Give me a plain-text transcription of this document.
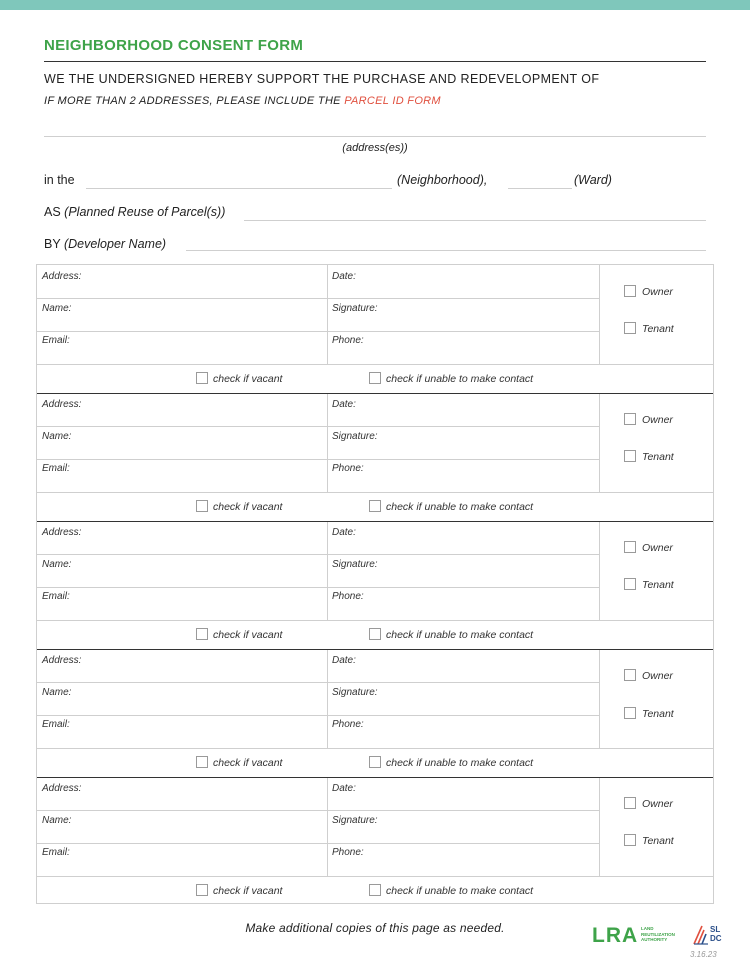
NEIGHBORHOOD CONSENT FORM
WE THE UNDERSIGNED HEREBY SUPPORT THE PURCHASE AND REDEVELOPMENT OF
IF MORE THAN 2 ADDRESSES, PLEASE INCLUDE THE PARCEL ID FORM
(address(es))
in the	(Neighborhood),	(Ward)
AS (Planned Reuse of Parcel(s))
BY (Developer Name)
Address:	Date:
Name:	Signature:
Email:	Phone:
Owner
Tenant
check if vacant	check if unable to make contact
Address:	Date:
Name:	Signature:
Email:	Phone:
Owner
Tenant
check if vacant	check if unable to make contact
Address:	Date:
Name:	Signature:
Email:	Phone:
Owner
Tenant
check if vacant	check if unable to make contact
Address:	Date:
Name:	Signature:
Email:	Phone:
Owner
Tenant
check if vacant	check if unable to make contact
Address:	Date:
Name:	Signature:
Email:	Phone:
Owner
Tenant
check if vacant	check if unable to make contact
Make additional copies of this page as needed.	LRA LAND REUTILIZATION AUTHORITY
SLDC
3.16.23
